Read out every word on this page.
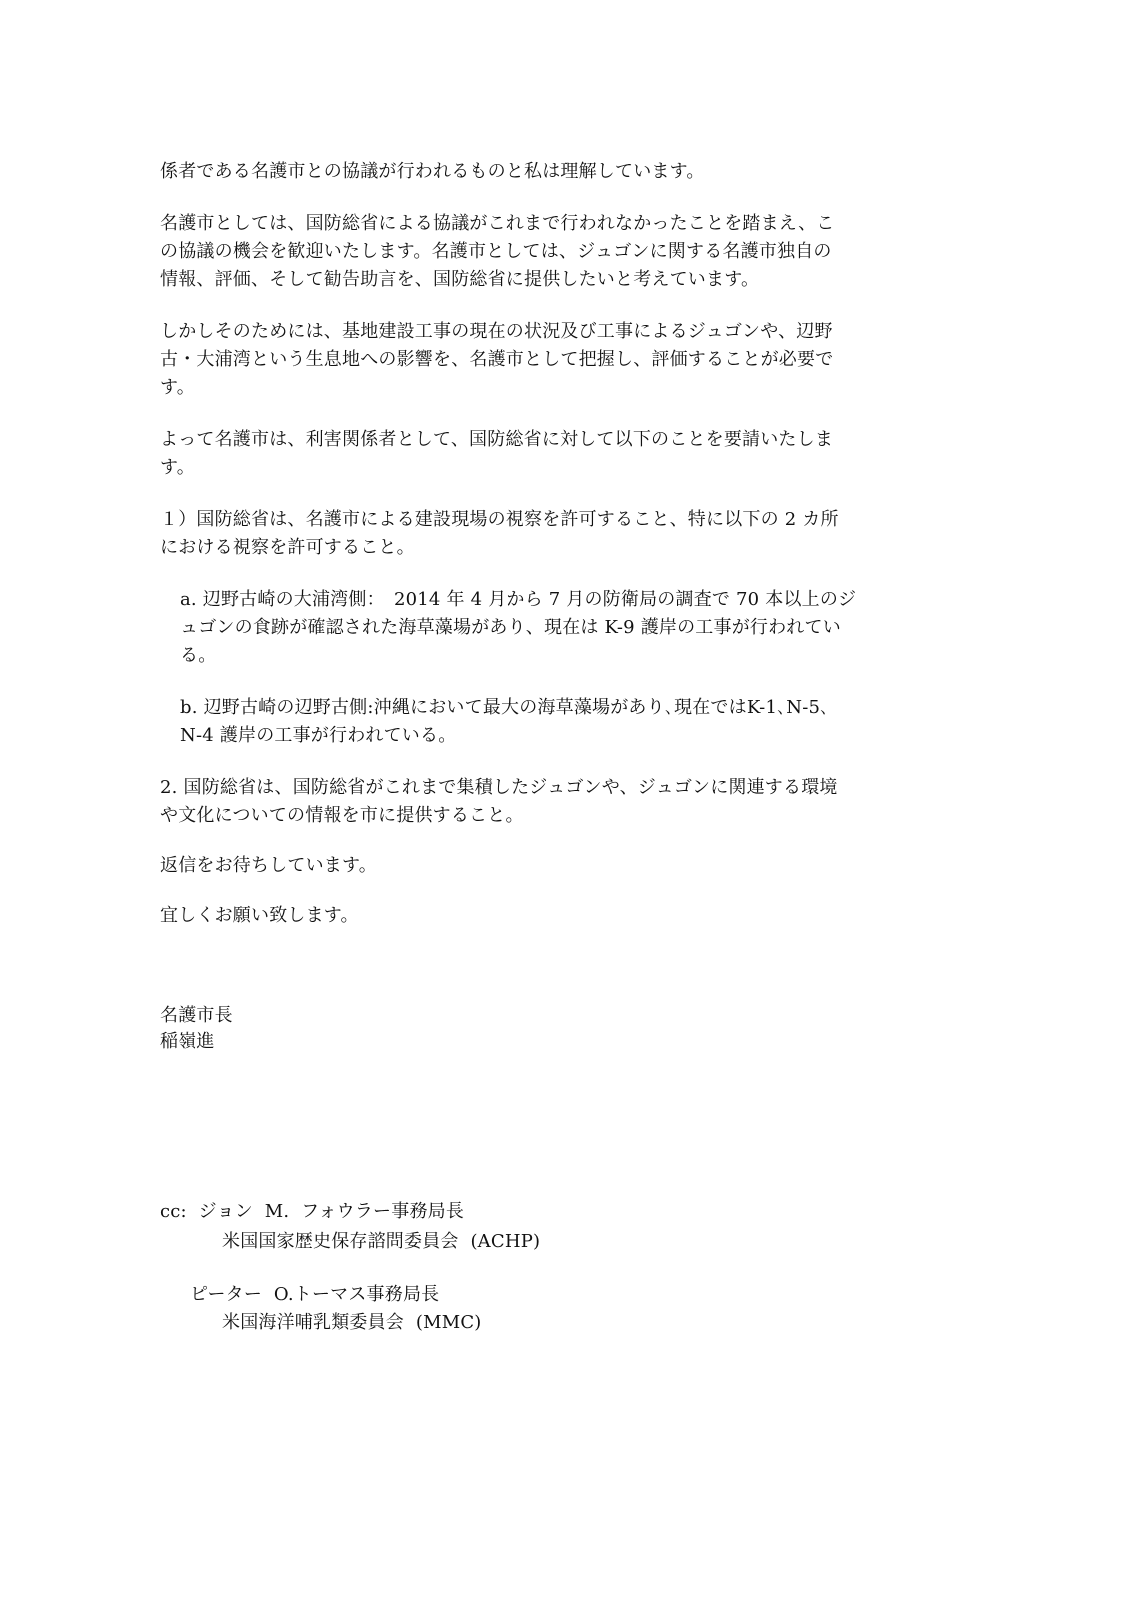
係者である名護市との協議が行われるものと私は理解しています。
名護市としては、国防総省による協議がこれまで行われなかったことを踏まえ、こ
の協議の機会を歓迎いたします。名護市としては、ジュゴンに関する名護市独自の
情報、評価、そして勧告助言を、国防総省に提供したいと考えています。
しかしそのためには、基地建設工事の現在の状況及び工事によるジュゴンや、辺野
古・大浦湾という生息地への影響を、名護市として把握し、評価することが必要で
す。
よって名護市は、利害関係者として、国防総省に対して以下のことを要請いたしま
す。
１）国防総省は、名護市による建設現場の視察を許可すること、特に以下の 2 カ所
における視察を許可すること。
a. 辺野古崎の大浦湾側：　2014 年 4 月から 7 月の防衛局の調査で 70 本以上のジ
ュゴンの食跡が確認された海草藻場があり、現在は K-9 護岸の工事が行われてい
る。
b. 辺野古崎の辺野古側:沖縄において最大の海草藻場があり､現在ではK-1､N-5､
N-4 護岸の工事が行われている。
2. 国防総省は、国防総省がこれまで集積したジュゴンや、ジュゴンに関連する環境
や文化についての情報を市に提供すること。
返信をお待ちしています。
宜しくお願い致します。
名護市長
稲嶺進
cc:  ジョン  M.  フォウラー事務局長
米国国家歴史保存諮問委員会  (ACHP)
ピーター  O.トーマス事務局長
米国海洋哺乳類委員会  (MMC)
